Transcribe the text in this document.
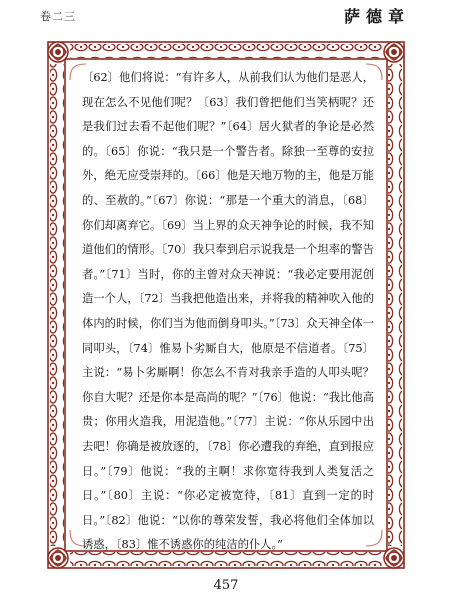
卷二三	萨德章

〔62〕他们将说：“有许多人，从前我们认为他们是恶人，现在怎么不见他们呢？〔63〕我们曾把他们当笑柄呢？还是我们过去看不起他们呢？”〔64〕居火狱者的争论是必然的。〔65〕你说：“我只是一个警告者。除独一至尊的安拉外，绝无应受崇拜的。〔66〕他是天地万物的主，他是万能的、至赦的。”〔67〕你说：“那是一个重大的消息，〔68〕你们却离弃它。〔69〕当上界的众天神争论的时候，我不知道他们的情形。〔70〕我只奉到启示说我是一个坦率的警告者。”〔71〕当时，你的主曾对众天神说：“我必定要用泥创造一个人，〔72〕当我把他造出来，并将我的精神吹入他的体内的时候，你们当为他而倒身叩头。”〔73〕众天神全体一同叩头，〔74〕惟易卜劣厮自大，他原是不信道者。〔75〕主说：“易卜劣厮啊！你怎么不肯对我亲手造的人叩头呢？你自大呢？还是你本是高尚的呢？”〔76〕他说：“我比他高贵；你用火造我，用泥造他。”〔77〕主说：“你从乐园中出去吧！你确是被放逐的，〔78〕你必遭我的弃绝，直到报应日。”〔79〕他说：“我的主啊！求你宽待我到人类复活之日。”〔80〕主说：“你必定被宽待，〔81〕直到一定的时日。”〔82〕他说：“以你的尊荣发誓，我必将他们全体加以诱惑，〔83〕惟不诱惑你的纯洁的仆人。”

457
